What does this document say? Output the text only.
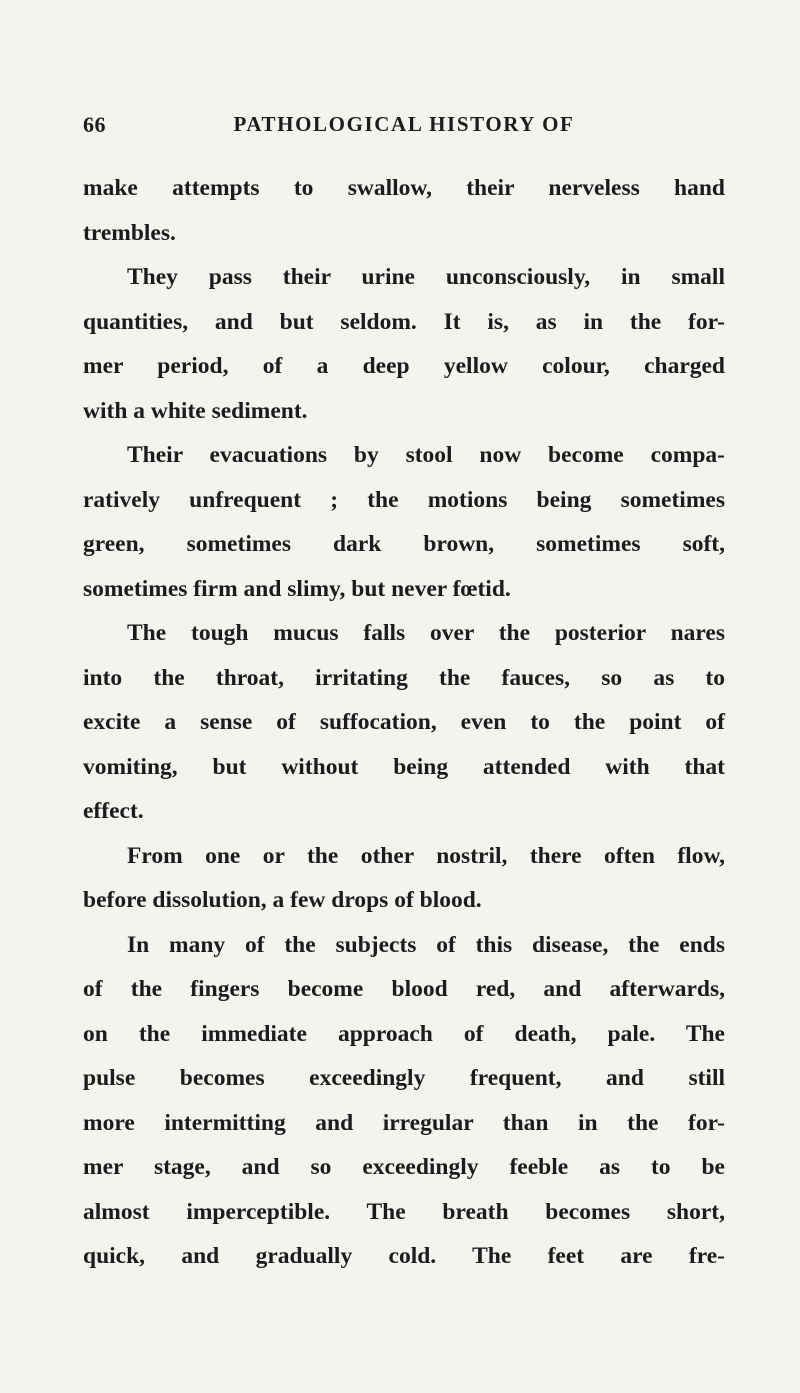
66	PATHOLOGICAL HISTORY OF
make attempts to swallow, their nerveless hand
trembles.
They pass their urine unconsciously, in small
quantities, and but seldom. It is, as in the for-
mer period, of a deep yellow colour, charged
with a white sediment.
Their evacuations by stool now become compa-
ratively unfrequent ; the motions being sometimes
green, sometimes dark brown, sometimes soft,
sometimes firm and slimy, but never fœtid.
The tough mucus falls over the posterior nares
into the throat, irritating the fauces, so as to
excite a sense of suffocation, even to the point of
vomiting, but without being attended with that
effect.
From one or the other nostril, there often flow,
before dissolution, a few drops of blood.
In many of the subjects of this disease, the ends
of the fingers become blood red, and afterwards,
on the immediate approach of death, pale. The
pulse becomes exceedingly frequent, and still
more intermitting and irregular than in the for-
mer stage, and so exceedingly feeble as to be
almost imperceptible. The breath becomes short,
quick, and gradually cold. The feet are fre-
